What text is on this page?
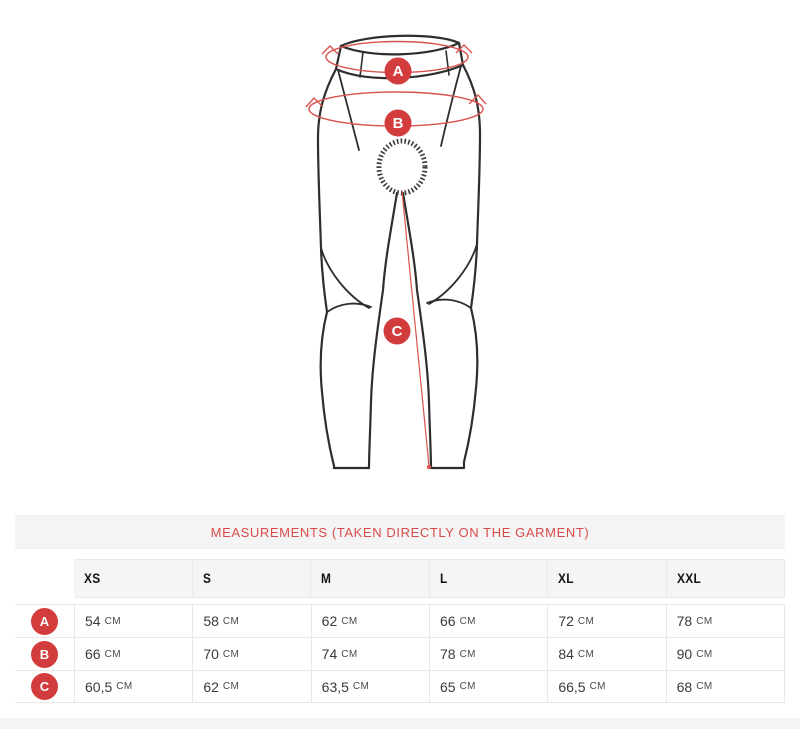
A
B
C
MEASUREMENTS (TAKEN DIRECTLY ON THE GARMENT)
XS	S	M	L	XL	XXL
A	54 CM	58 CM	62 CM	66 CM	72 CM	78 CM
B	66 CM	70 CM	74 CM	78 CM	84 CM	90 CM
C	60,5 CM	62 CM	63,5 CM	65 CM	66,5 CM	68 CM
